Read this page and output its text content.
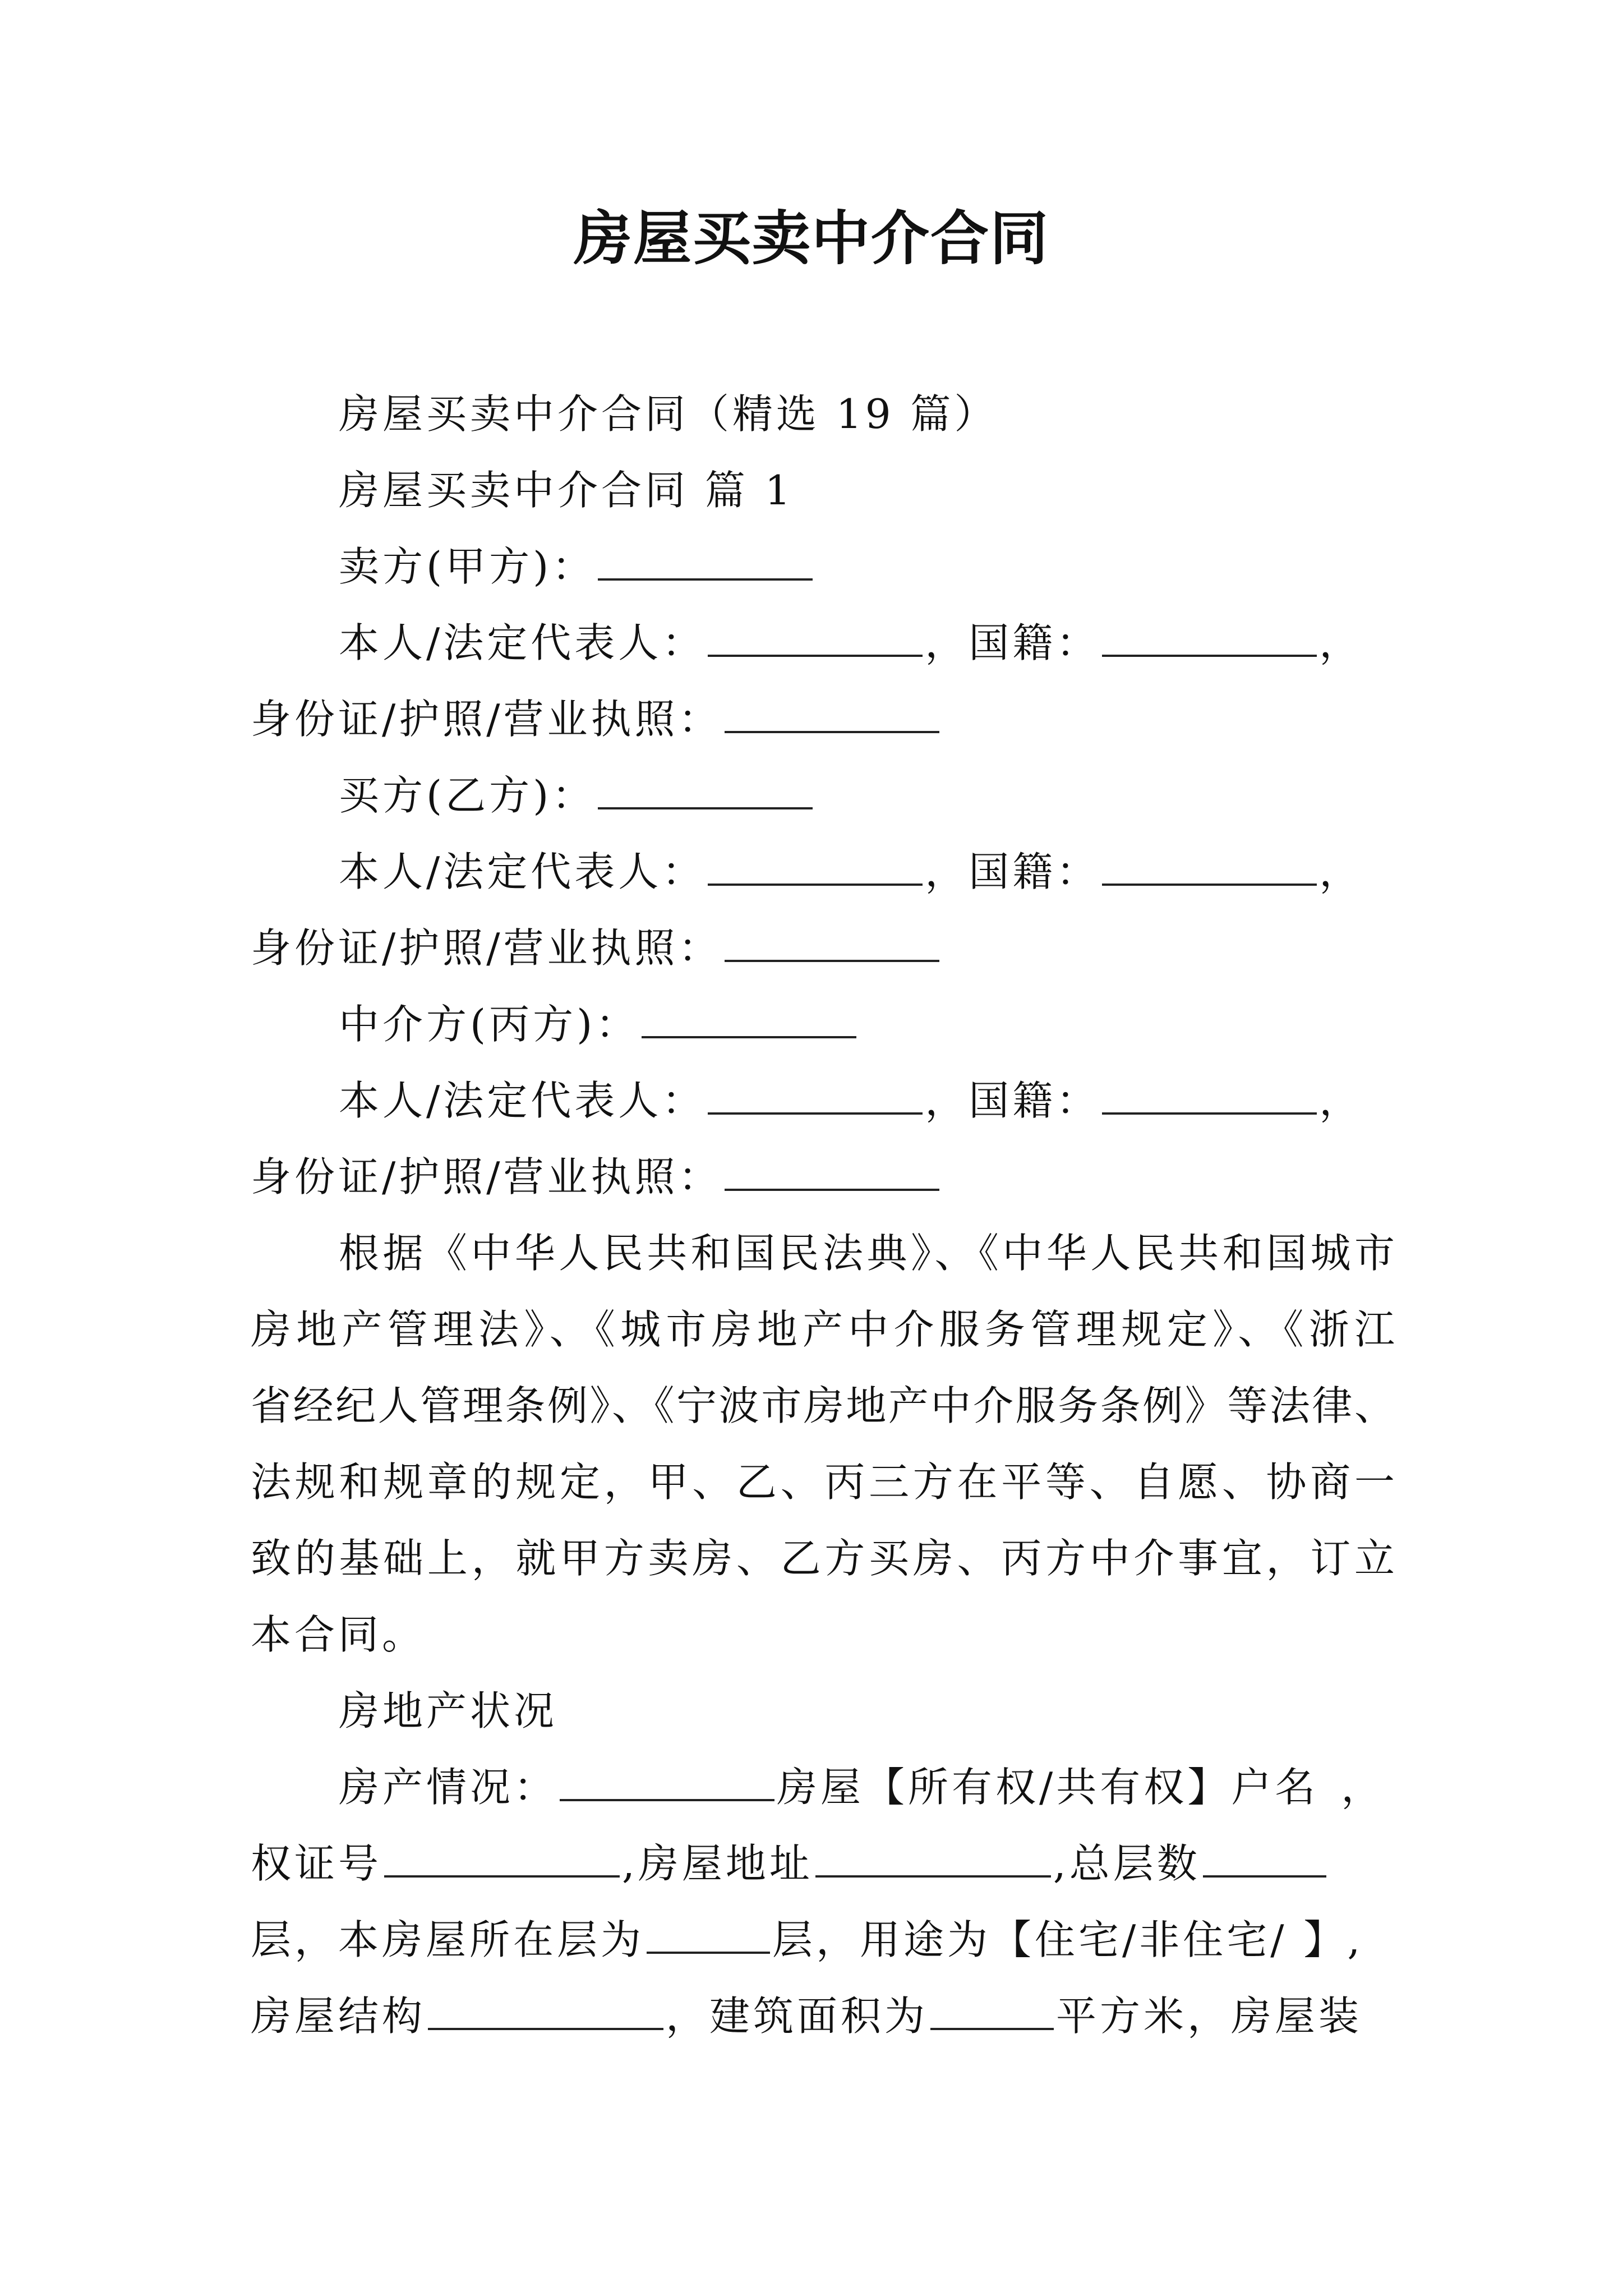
房屋买卖中介合同
房屋买卖中介合同（精选 19 篇）
房屋买卖中介合同 篇 1
卖方(甲方)：
本人/法定代表人：	，国籍：	，
身份证/护照/营业执照：
买方(乙方)：
本人/法定代表人：	，国籍：	，
身份证/护照/营业执照：
中介方(丙方)：
本人/法定代表人：	，国籍：	，
身份证/护照/营业执照：
根据《中华人民共和国民法典》、《中华人民共和国城市
房地产管理法》、《城市房地产中介服务管理规定》、《浙江
省经纪人管理条例》、《宁波市房地产中介服务条例》等法律、
法规和规章的规定，甲、乙、丙三方在平等、自愿、协商一
致的基础上，就甲方卖房、乙方买房、丙方中介事宜，订立
本合同。
房地产状况
房产情况：	房屋【所有权/共有权】户名 ，
权证号	,房屋地址	,总层数
层，本房屋所在层为	层，用途为【住宅/非住宅/ 】,
房屋结构	，建筑面积为	平方米，房屋装
